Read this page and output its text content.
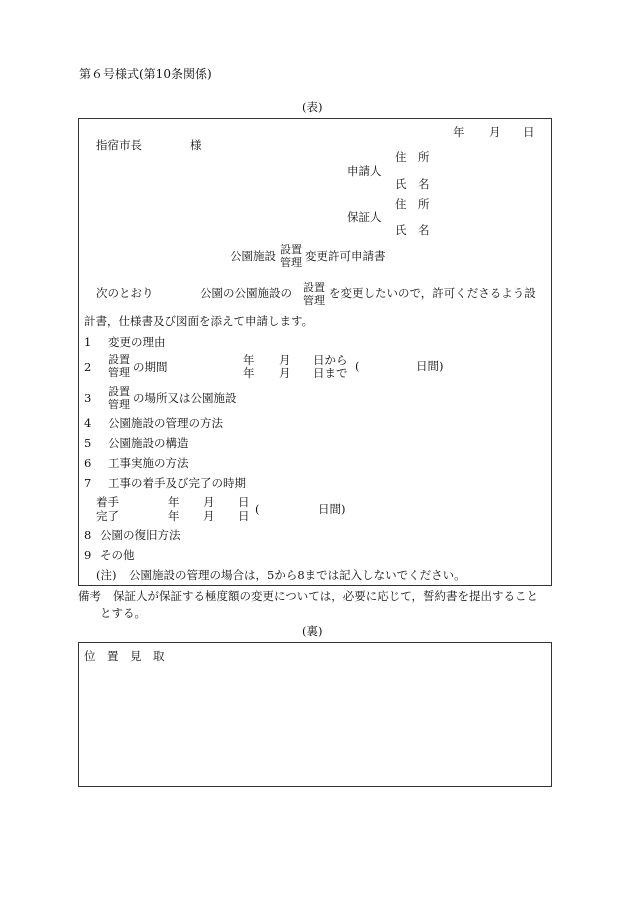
第６号様式(第10条関係)
(表)
年 月 日
指宿市長	様
住　所
申請人
氏　名
住　所
保証人
氏　名
公園施設 設置
管理 変更許可申請書
次のとおり	公園の公園施設の 設置
管理
を変更したいので，許可くださるよう設
計書，仕様書及び図面を添えて申請します。
1 変更の理由
2
設置
管理 の期間	年 月 日から
年 月 日まで (	日間)
3 設置
管理 の場所又は公園施設
4 公園施設の管理の方法
5 公園施設の構造
6 工事実施の方法
7 工事の着手及び完了の時期
着手	年 月 日
完了	年 月 日 (	日間)
8 公園の復旧方法
9 その他
(注) 公園施設の管理の場合は，5から8までは記入しないでください。
備考 保証人が保証する極度額の変更については，必要に応じて，誓約書を提出すること
とする。
(裏)
位　置　見　取
